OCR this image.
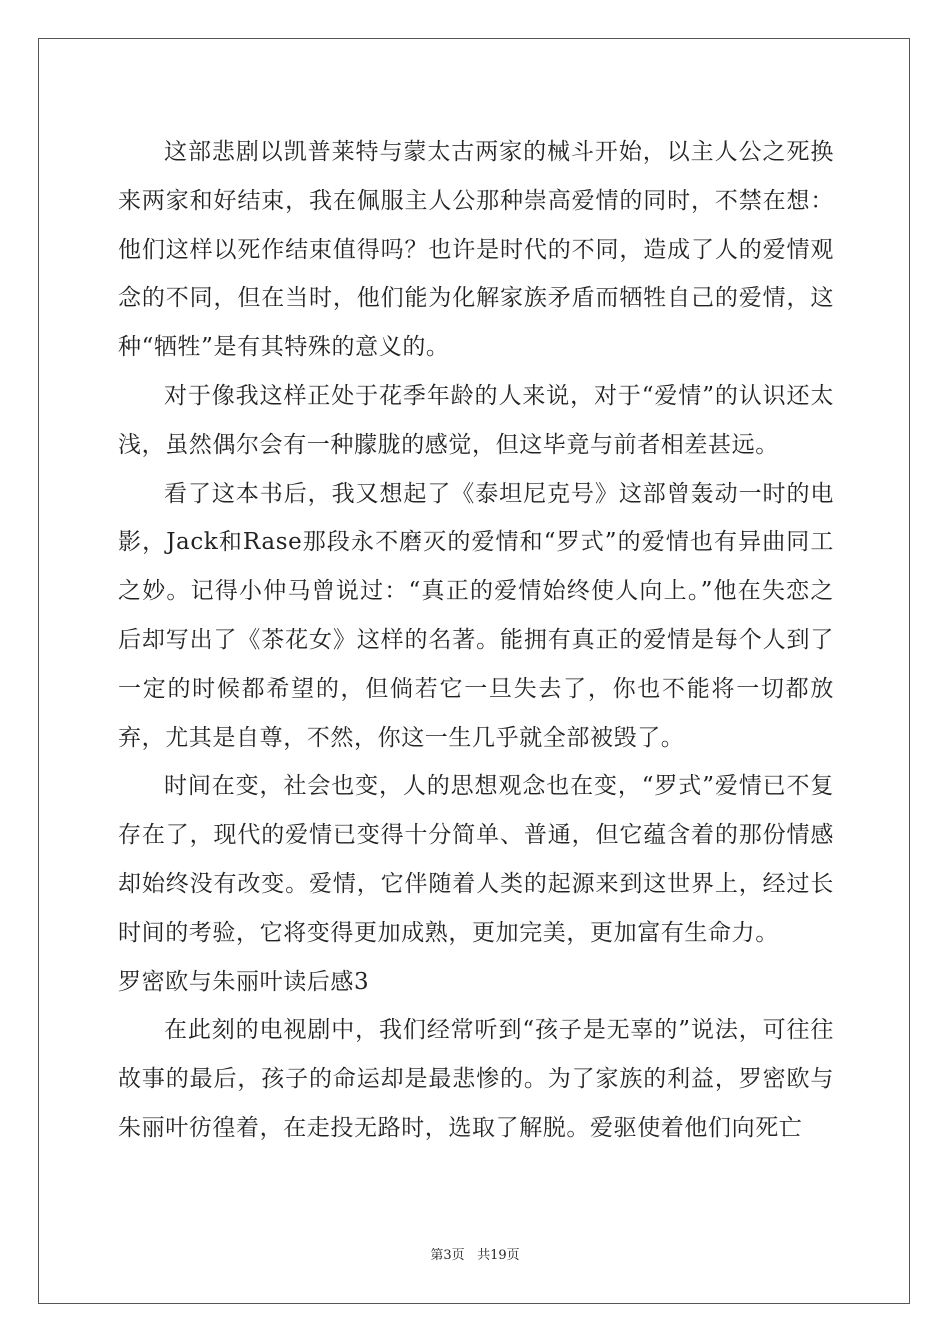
这部悲剧以凯普莱特与蒙太古两家的械斗开始，以主人公之死换来两家和好结束，我在佩服主人公那种崇高爱情的同时，不禁在想：他们这样以死作结束值得吗？也许是时代的不同，造成了人的爱情观念的不同，但在当时，他们能为化解家族矛盾而牺牲自己的爱情，这种“牺牲”是有其特殊的意义的。

对于像我这样正处于花季年龄的人来说，对于“爱情”的认识还太浅，虽然偶尔会有一种朦胧的感觉，但这毕竟与前者相差甚远。

看了这本书后，我又想起了《泰坦尼克号》这部曾轰动一时的电影，Jack和Rase那段永不磨灭的爱情和“罗式”的爱情也有异曲同工之妙。记得小仲马曾说过：“真正的爱情始终使人向上。”他在失恋之后却写出了《茶花女》这样的名著。能拥有真正的爱情是每个人到了一定的时候都希望的，但倘若它一旦失去了，你也不能将一切都放弃，尤其是自尊，不然，你这一生几乎就全部被毁了。

时间在变，社会也变，人的思想观念也在变，“罗式”爱情已不复存在了，现代的爱情已变得十分简单、普通，但它蕴含着的那份情感却始终没有改变。爱情，它伴随着人类的起源来到这世界上，经过长时间的考验，它将变得更加成熟，更加完美，更加富有生命力。

罗密欧与朱丽叶读后感3

在此刻的电视剧中，我们经常听到“孩子是无辜的”说法，可往往故事的最后，孩子的命运却是最悲惨的。为了家族的利益，罗密欧与朱丽叶彷徨着，在走投无路时，选取了解脱。爱驱使着他们向死亡

第3页 共19页
